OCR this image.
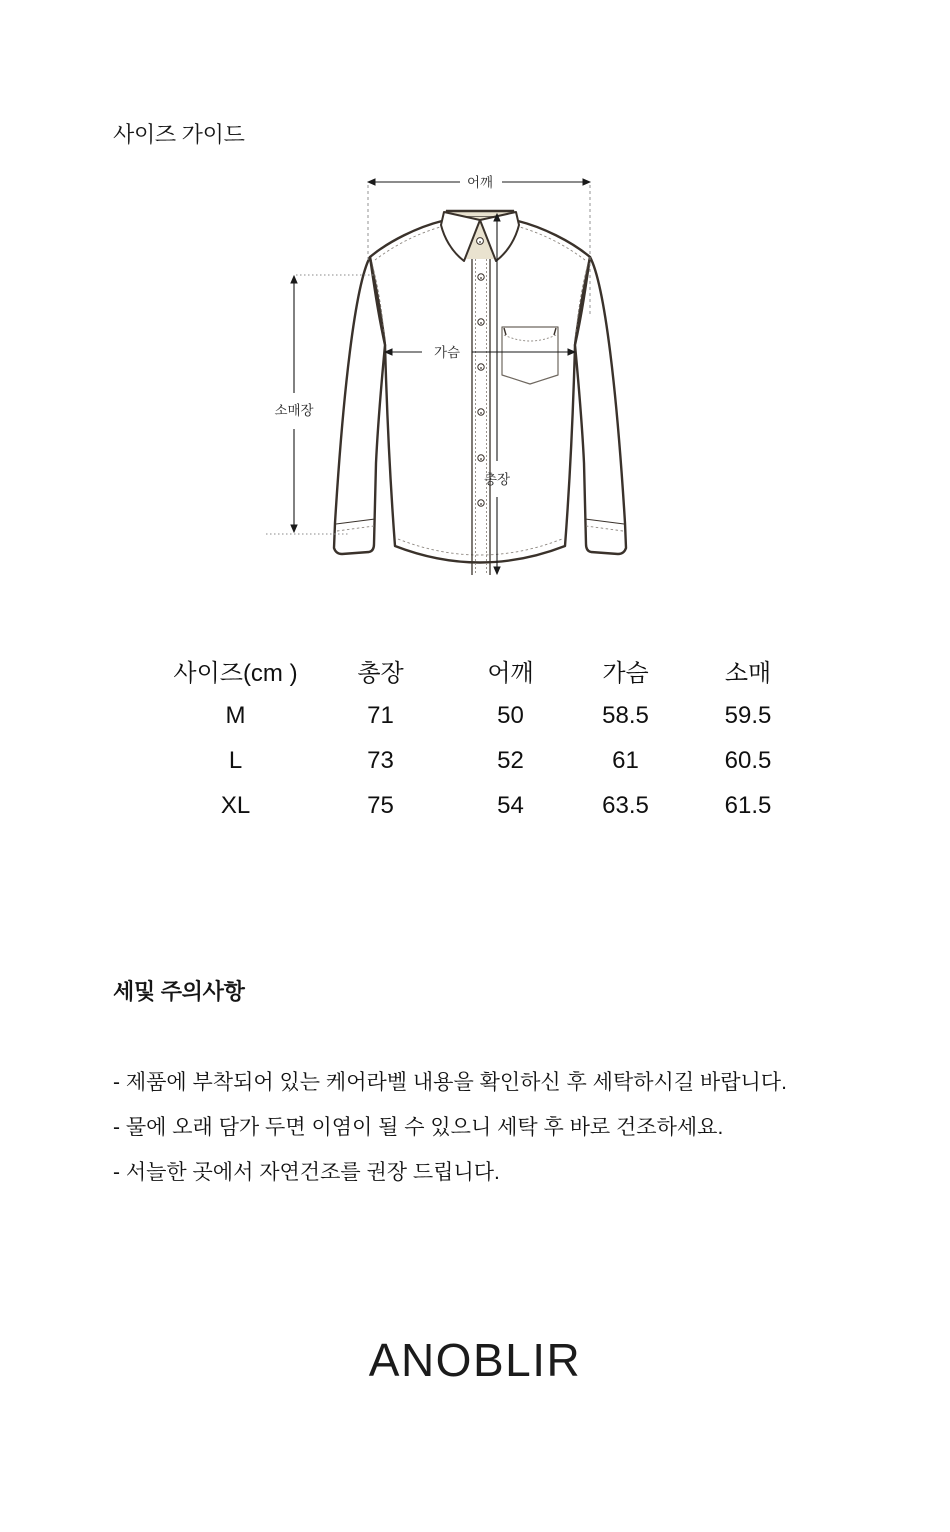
사이즈 가이드
어깨
가슴
총장
소매장
사이즈(cm )	총장	어깨	가슴	소매
M	71	50	58.5	59.5
L	73	52	61	60.5
XL	75	54	63.5	61.5
세및 주의사항
- 제품에 부착되어 있는 케어라벨 내용을 확인하신 후 세탁하시길 바랍니다.
- 물에 오래 담가 두면 이염이 될 수 있으니 세탁 후 바로 건조하세요.
- 서늘한 곳에서 자연건조를 권장 드립니다.
ANOBLIR
